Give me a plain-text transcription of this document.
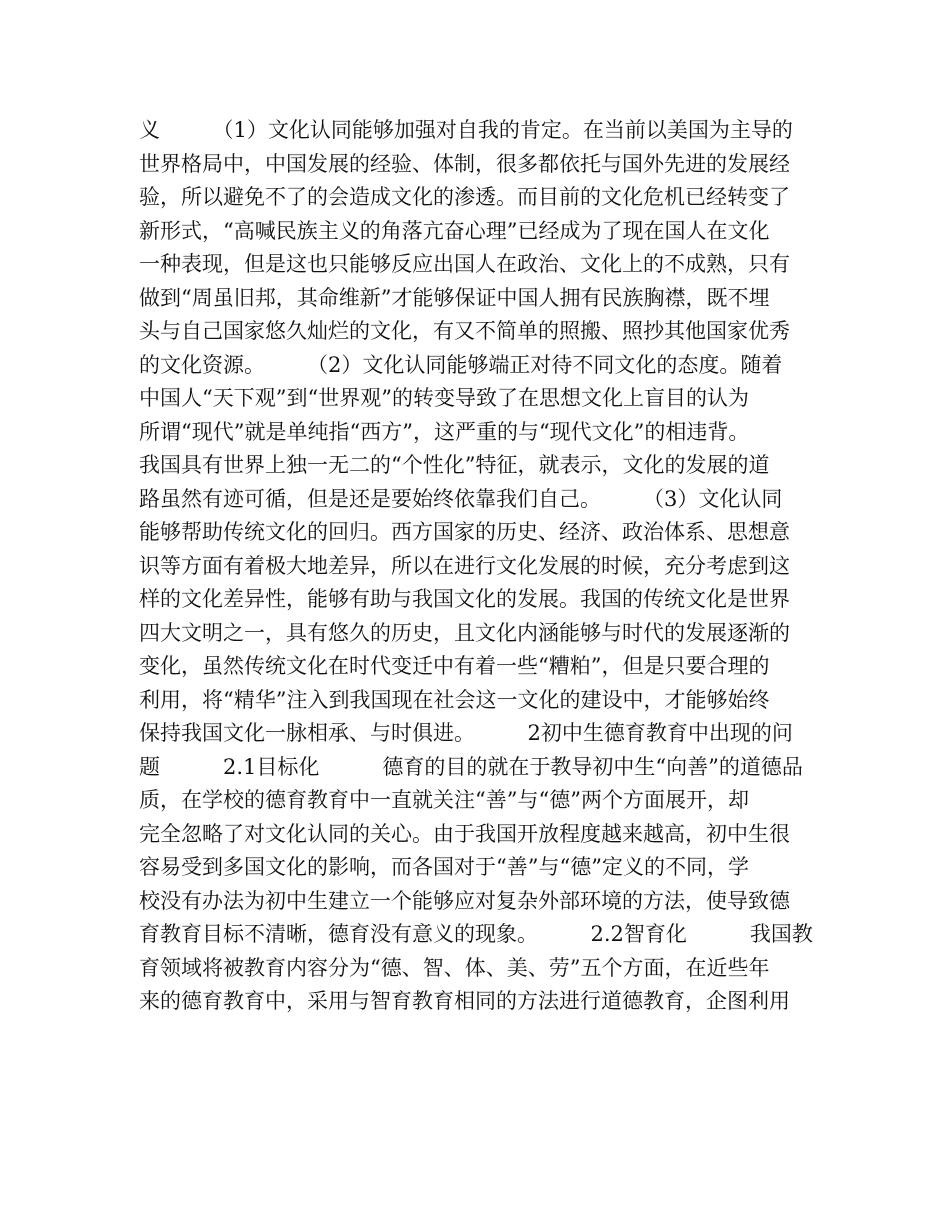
义　　　（1）文化认同能够加强对自我的肯定。在当前以美国为主导的
世界格局中，中国发展的经验、体制，很多都依托与国外先进的发展经
验，所以避免不了的会造成文化的渗透。而目前的文化危机已经转变了
新形式，“高喊民族主义的角落亢奋心理”已经成为了现在国人在文化
一种表现，但是这也只能够反应出国人在政治、文化上的不成熟，只有
做到“周虽旧邦，其命维新”才能够保证中国人拥有民族胸襟，既不埋
头与自己国家悠久灿烂的文化，有又不简单的照搬、照抄其他国家优秀
的文化资源。　　　（2）文化认同能够端正对待不同文化的态度。随着
中国人“天下观”到“世界观”的转变导致了在思想文化上盲目的认为
所谓“现代”就是单纯指“西方”，这严重的与“现代文化”的相违背。
我国具有世界上独一无二的“个性化”特征，就表示，文化的发展的道
路虽然有迹可循，但是还是要始终依靠我们自己。　　　（3）文化认同
能够帮助传统文化的回归。西方国家的历史、经济、政治体系、思想意
识等方面有着极大地差异，所以在进行文化发展的时候，充分考虑到这
样的文化差异性，能够有助与我国文化的发展。我国的传统文化是世界
四大文明之一，具有悠久的历史，且文化内涵能够与时代的发展逐渐的
变化，虽然传统文化在时代变迁中有着一些“糟粕”，但是只要合理的
利用，将“精华”注入到我国现在社会这一文化的建设中，才能够始终
保持我国文化一脉相承、与时俱进。　　　2初中生德育教育中出现的问
题　　　2.1目标化　　　德育的目的就在于教导初中生“向善”的道德品
质，在学校的德育教育中一直就关注“善”与“德”两个方面展开，却
完全忽略了对文化认同的关心。由于我国开放程度越来越高，初中生很
容易受到多国文化的影响，而各国对于“善”与“德”定义的不同，学
校没有办法为初中生建立一个能够应对复杂外部环境的方法，使导致德
育教育目标不清晰，德育没有意义的现象。　　　2.2智育化　　　我国教
育领域将被教育内容分为“德、智、体、美、劳”五个方面，在近些年
来的德育教育中，采用与智育教育相同的方法进行道德教育，企图利用
